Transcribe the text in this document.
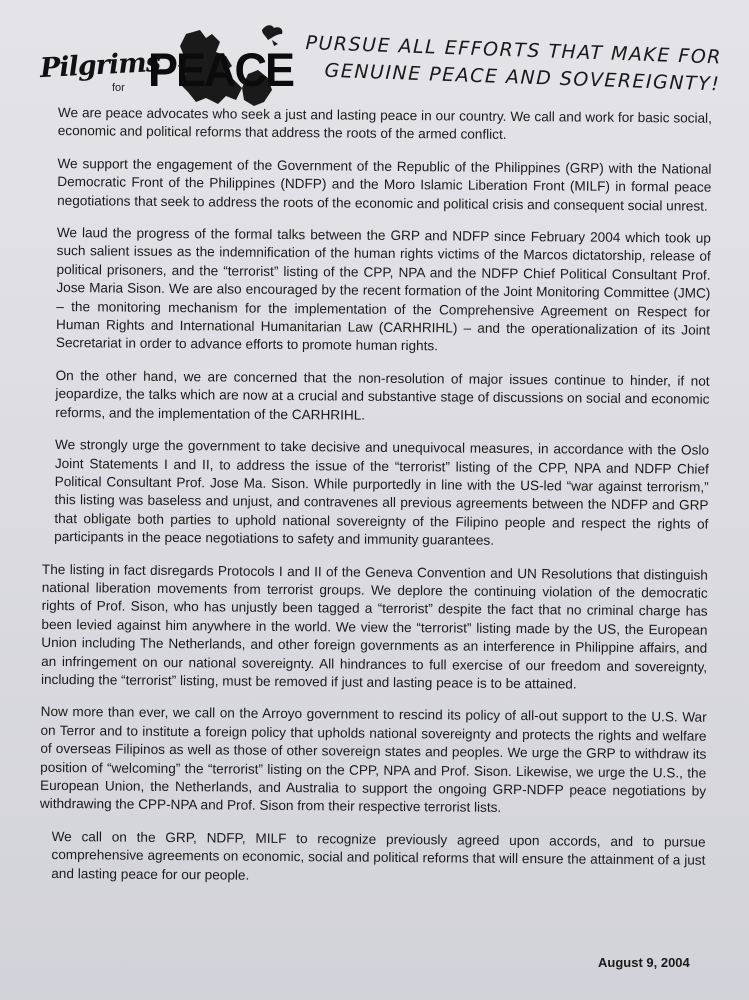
Pilgrims
for PEACE PURSUE ALL EFFORTS THAT MAKE FOR
GENUINE PEACE AND SOVEREIGNTY!

We are peace advocates who seek a just and lasting peace in our country. We call and work for basic social, economic and political reforms that address the roots of the armed conflict.

We support the engagement of the Government of the Republic of the Philippines (GRP) with the National Democratic Front of the Philippines (NDFP) and the Moro Islamic Liberation Front (MILF) in formal peace negotiations that seek to address the roots of the economic and political crisis and consequent social unrest.

We laud the progress of the formal talks between the GRP and NDFP since February 2004 which took up such salient issues as the indemnification of the human rights victims of the Marcos dictatorship, release of political prisoners, and the “terrorist” listing of the CPP, NPA and the NDFP Chief Political Consultant Prof. Jose Maria Sison. We are also encouraged by the recent formation of the Joint Monitoring Committee (JMC) – the monitoring mechanism for the implementation of the Comprehensive Agreement on Respect for Human Rights and International Humanitarian Law (CARHRIHL) – and the operationalization of its Joint Secretariat in order to advance efforts to promote human rights.

On the other hand, we are concerned that the non-resolution of major issues continue to hinder, if not jeopardize, the talks which are now at a crucial and substantive stage of discussions on social and economic reforms, and the implementation of the CARHRIHL.

We strongly urge the government to take decisive and unequivocal measures, in accordance with the Oslo Joint Statements I and II, to address the issue of the “terrorist” listing of the CPP, NPA and NDFP Chief Political Consultant Prof. Jose Ma. Sison. While purportedly in line with the US-led “war against terrorism,” this listing was baseless and unjust, and contravenes all previous agreements between the NDFP and GRP that obligate both parties to uphold national sovereignty of the Filipino people and respect the rights of participants in the peace negotiations to safety and immunity guarantees.

The listing in fact disregards Protocols I and II of the Geneva Convention and UN Resolutions that distinguish national liberation movements from terrorist groups. We deplore the continuing violation of the democratic rights of Prof. Sison, who has unjustly been tagged a “terrorist” despite the fact that no criminal charge has been levied against him anywhere in the world. We view the “terrorist” listing made by the US, the European Union including The Netherlands, and other foreign governments as an interference in Philippine affairs, and an infringement on our national sovereignty. All hindrances to full exercise of our freedom and sovereignty, including the “terrorist” listing, must be removed if just and lasting peace is to be attained.

Now more than ever, we call on the Arroyo government to rescind its policy of all-out support to the U.S. War on Terror and to institute a foreign policy that upholds national sovereignty and protects the rights and welfare of overseas Filipinos as well as those of other sovereign states and peoples. We urge the GRP to withdraw its position of “welcoming” the “terrorist” listing on the CPP, NPA and Prof. Sison. Likewise, we urge the U.S., the European Union, the Netherlands, and Australia to support the ongoing GRP-NDFP peace negotiations by withdrawing the CPP-NPA and Prof. Sison from their respective terrorist lists.

We call on the GRP, NDFP, MILF to recognize previously agreed upon accords, and to pursue comprehensive agreements on economic, social and political reforms that will ensure the attainment of a just and lasting peace for our people.

August 9, 2004
